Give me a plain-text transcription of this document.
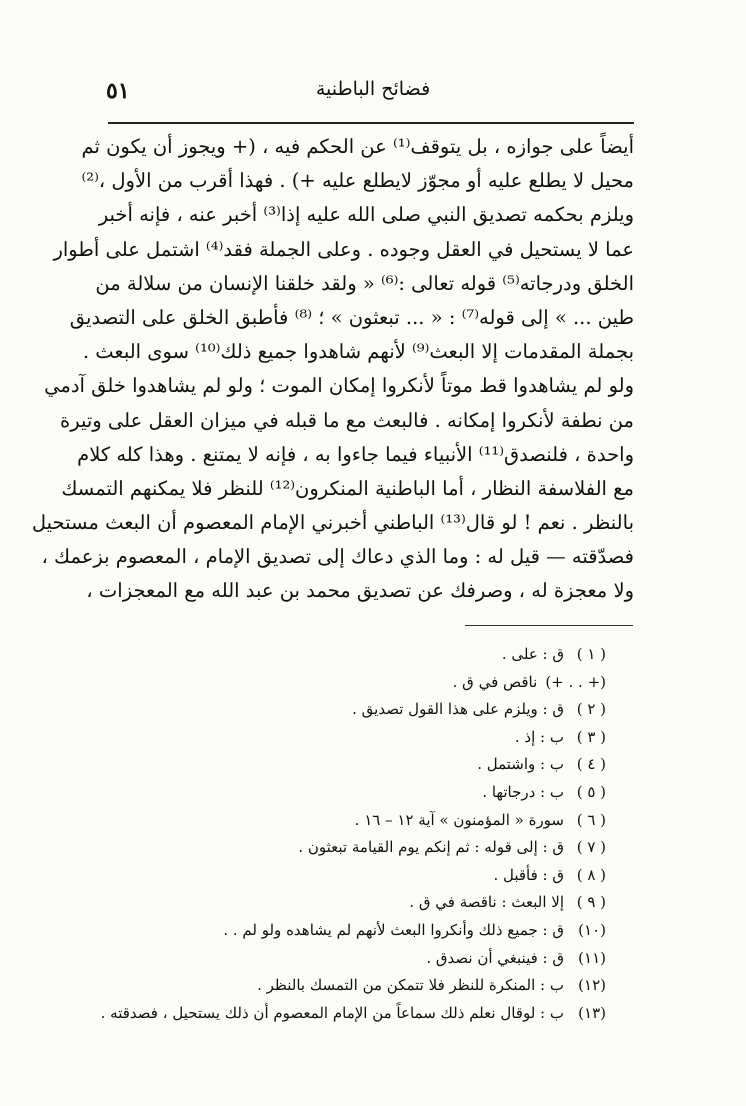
فضائح الباطنية
٥١
أيضاً على جوازه ، بل يتوقف⁽¹⁾ عن الحكم فيه ، (+ ويجوز أن يكون ثم
محيل لا يطلع عليه أو مجوّز لايطلع عليه +) . فهذا أقرب من الأول ،⁽²⁾
ويلزم بحكمه تصديق النبي صلى الله عليه إذا⁽³⁾ أخبر عنه ، فإنه أخبر
عما لا يستحيل في العقل وجوده . وعلى الجملة فقد⁽⁴⁾ اشتمل على أطوار
الخلق ودرجاته⁽⁵⁾ قوله تعالى :⁽⁶⁾ « ولقد خلقنا الإنسان من سلالة من
طين ... » إلى قوله⁽⁷⁾ : « ... تبعثون » ؛ ⁽⁸⁾ فأطبق الخلق على التصديق
بجملة المقدمات إلا البعث⁽⁹⁾ لأنهم شاهدوا جميع ذلك⁽¹⁰⁾ سوى البعث .
ولو لم يشاهدوا قط موتاً لأنكروا إمكان الموت ؛ ولو لم يشاهدوا خلق آدمي
من نطفة لأنكروا إمكانه . فالبعث مع ما قبله في ميزان العقل على وتيرة
واحدة ، فلنصدق⁽¹¹⁾ الأنبياء فيما جاءوا به ، فإنه لا يمتنع . وهذا كله كلام
مع الفلاسفة النظار ، أما الباطنية المنكرون⁽¹²⁾ للنظر فلا يمكنهم التمسك
بالنظر . نعم ! لو قال⁽¹³⁾ الباطني أخبرني الإمام المعصوم أن البعث مستحيل
فصدّقته — قيل له : وما الذي دعاك إلى تصديق الإمام ، المعصوم بزعمك ،
ولا معجزة له ، وصرفك عن تصديق محمد بن عبد الله مع المعجزات ،
( ١ )
ق : على .
(+ . . +)
ناقص في ق .
( ٢ )
ق : ويلزم على هذا القول تصديق .
( ٣ )
ب : إذ .
( ٤ )
ب : واشتمل .
( ٥ )
ب : درجاتها .
( ٦ )
سورة « المؤمنون » آية ١٢ – ١٦ .
( ٧ )
ق : إلى قوله : ثم إنكم يوم القيامة تبعثون .
( ٨ )
ق : فأقبل .
( ٩ )
إلا البعث : ناقصة في ق .
(١٠)
ق : جميع ذلك وأنكروا البعث لأنهم لم يشاهده ولو لم . .
(١١)
ق : فينبغي أن نصدق .
(١٢)
ب : المنكرة للنظر فلا تتمكن من التمسك بالنظر .
(١٣)
ب : لوقال نعلم ذلك سماعاً من الإمام المعصوم أن ذلك يستحيل ، فصدقته .
